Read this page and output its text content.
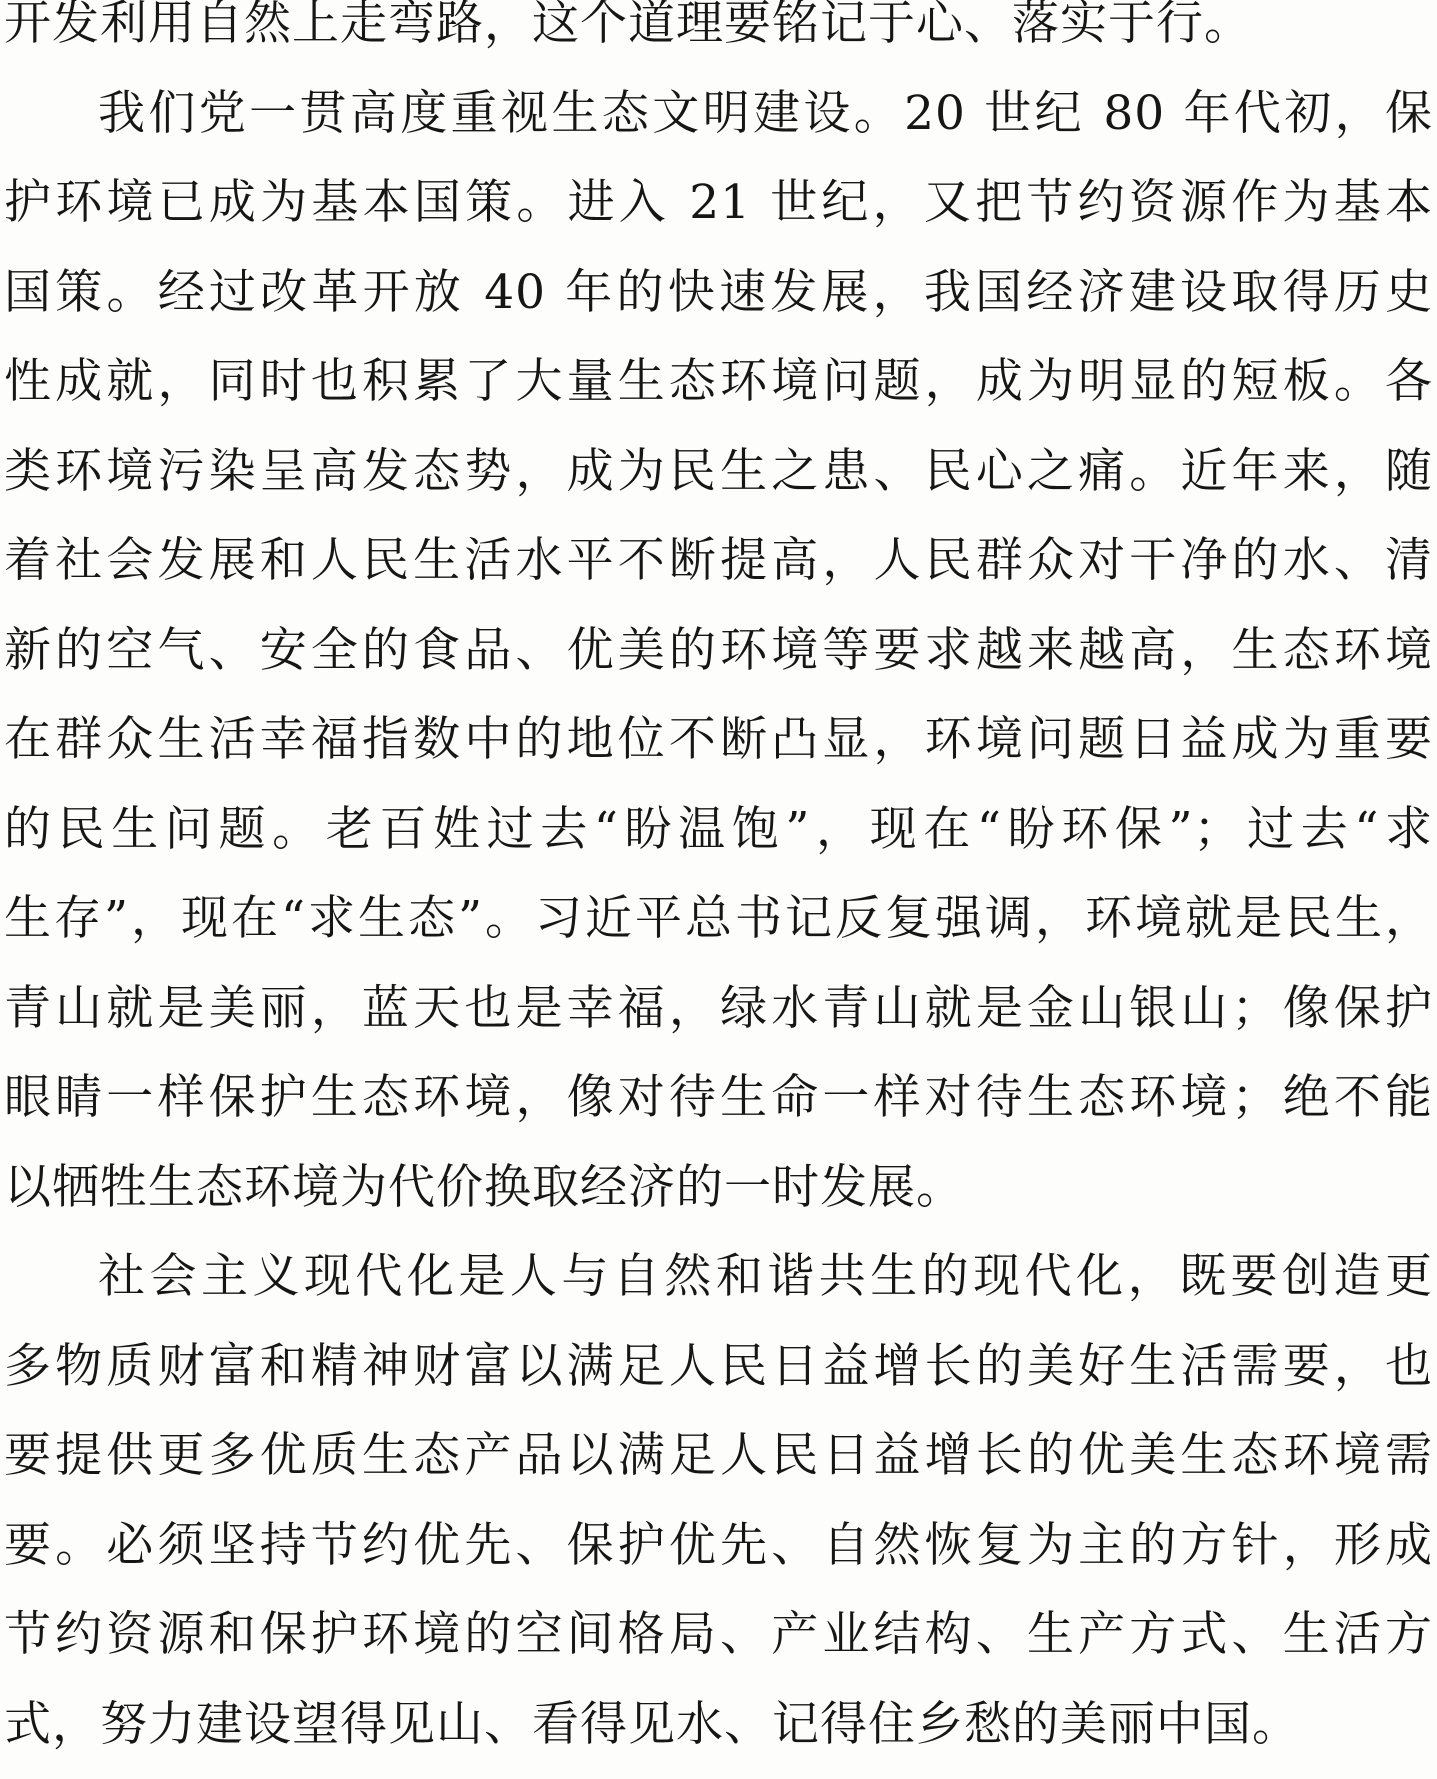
开发利用自然上走弯路，这个道理要铭记于心、落实于行。
我们党一贯高度重视生态文明建设。20 世纪 80 年代初，保
护环境已成为基本国策。进入 21 世纪，又把节约资源作为基本
国策。经过改革开放 40 年的快速发展，我国经济建设取得历史
性成就，同时也积累了大量生态环境问题，成为明显的短板。各
类环境污染呈高发态势，成为民生之患、民心之痛。近年来，随
着社会发展和人民生活水平不断提高，人民群众对干净的水、清
新的空气、安全的食品、优美的环境等要求越来越高，生态环境
在群众生活幸福指数中的地位不断凸显，环境问题日益成为重要
的民生问题。老百姓过去“盼温饱”，现在“盼环保”；过去“求
生存”，现在“求生态”。习近平总书记反复强调，环境就是民生，
青山就是美丽，蓝天也是幸福，绿水青山就是金山银山；像保护
眼睛一样保护生态环境，像对待生命一样对待生态环境；绝不能
以牺牲生态环境为代价换取经济的一时发展。
社会主义现代化是人与自然和谐共生的现代化，既要创造更
多物质财富和精神财富以满足人民日益增长的美好生活需要，也
要提供更多优质生态产品以满足人民日益增长的优美生态环境需
要。必须坚持节约优先、保护优先、自然恢复为主的方针，形成
节约资源和保护环境的空间格局、产业结构、生产方式、生活方
式，努力建设望得见山、看得见水、记得住乡愁的美丽中国。
